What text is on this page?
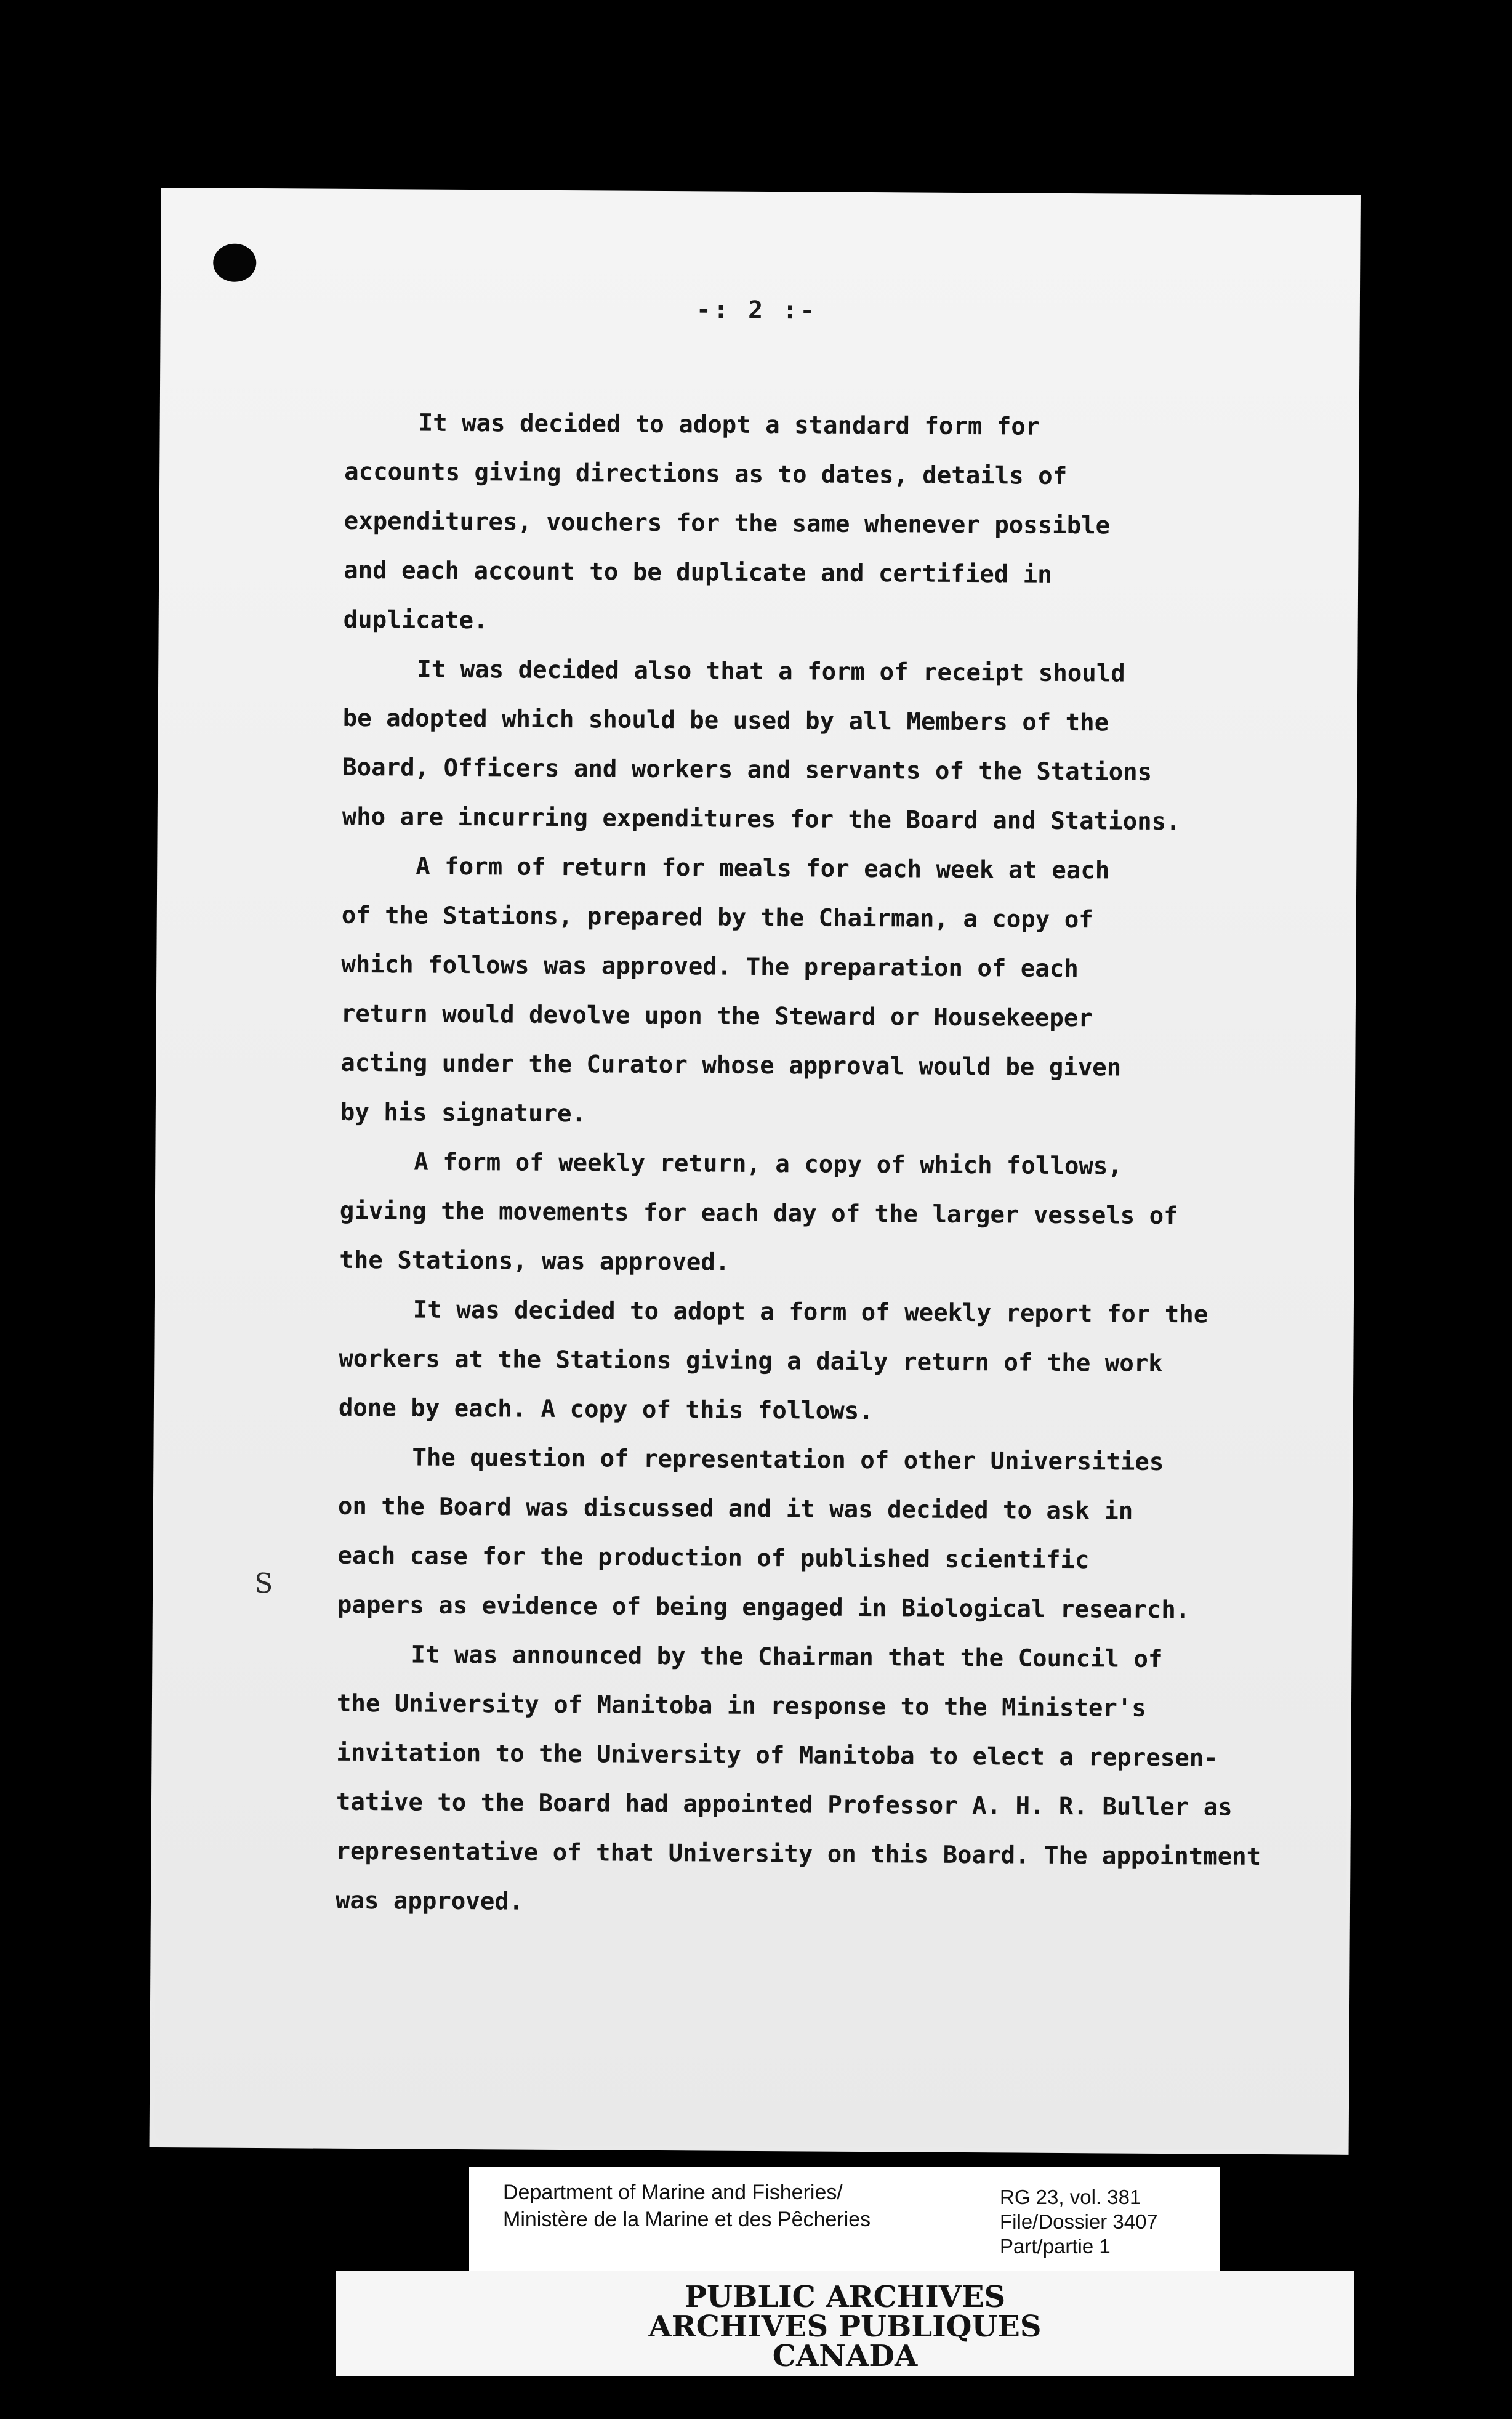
-: 2 :-

It was decided to adopt a standard form for
accounts giving directions as to dates, details of
expenditures, vouchers for the same whenever possible
and each account to be duplicate and certified in
duplicate.

It was decided also that a form of receipt should
be adopted which should be used by all Members of the
Board, Officers and workers and servants of the Stations
who are incurring expenditures for the Board and Stations.

A form of return for meals for each week at each
of the Stations, prepared by the Chairman, a copy of
which follows was approved. The preparation of each
return would devolve upon the Steward or Housekeeper
acting under the Curator whose approval would be given
by his signature.

A form of weekly return, a copy of which follows,
giving the movements for each day of the larger vessels of
the Stations, was approved.

It was decided to adopt a form of weekly report for the
workers at the Stations giving a daily return of the work
done by each. A copy of this follows.

The question of representation of other Universities
on the Board was discussed and it was decided to ask in
each case for the production of published scientific
papers as evidence of being engaged in Biological research.

It was announced by the Chairman that the Council of
the University of Manitoba in response to the Minister's
invitation to the University of Manitoba to elect a represen-
tative to the Board had appointed Professor A. H. R. Buller as
representative of that University on this Board. The appointment
was approved.

S
Department of Marine and Fisheries/
Ministère de la Marine et des Pêcheries
RG 23, vol. 381
File/Dossier 3407
Part/partie 1
PUBLIC ARCHIVES
ARCHIVES PUBLIQUES
CANADA
